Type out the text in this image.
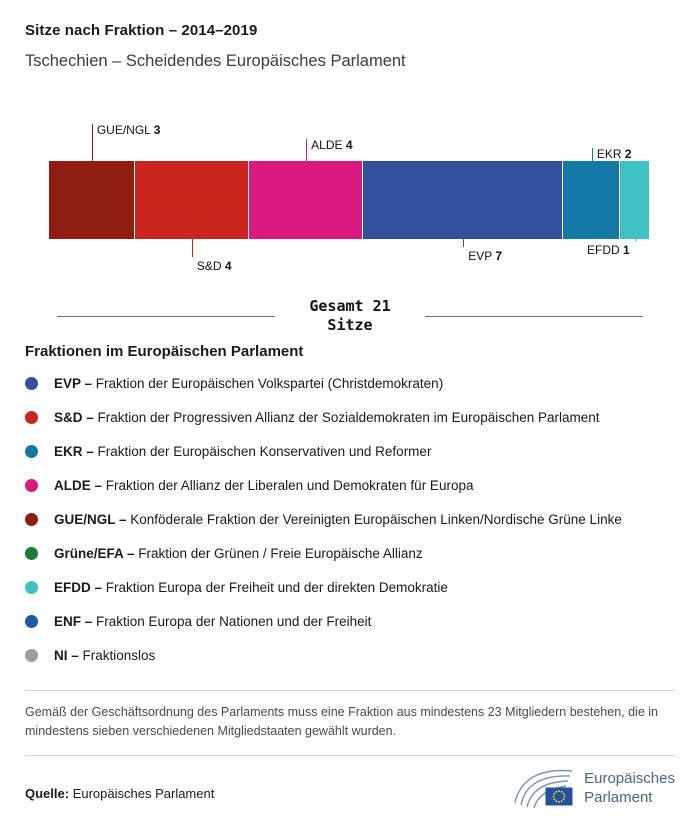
Sitze nach Fraktion – 2014–2019
Tschechien – Scheidendes Europäisches Parlament
GUE/NGL 3
S&D 4
ALDE 4
EVP 7
EKR 2
EFDD 1
Gesamt 21
Sitze
Fraktionen im Europäischen Parlament
EVP – Fraktion der Europäischen Volkspartei (Christdemokraten)
S&D – Fraktion der Progressiven Allianz der Sozialdemokraten im Europäischen Parlament
EKR – Fraktion der Europäischen Konservativen und Reformer
ALDE – Fraktion der Allianz der Liberalen und Demokraten für Europa
GUE/NGL – Konföderale Fraktion der Vereinigten Europäischen Linken/Nordische Grüne Linke
Grüne/EFA – Fraktion der Grünen / Freie Europäische Allianz
EFDD – Fraktion Europa der Freiheit und der direkten Demokratie
ENF – Fraktion Europa der Nationen und der Freiheit
NI – Fraktionslos
Gemäß der Geschäftsordnung des Parlaments muss eine Fraktion aus mindestens 23 Mitgliedern bestehen, die in mindestens sieben verschiedenen Mitgliedstaaten gewählt wurden.
Quelle: Europäisches Parlament
Europäisches
Parlament
